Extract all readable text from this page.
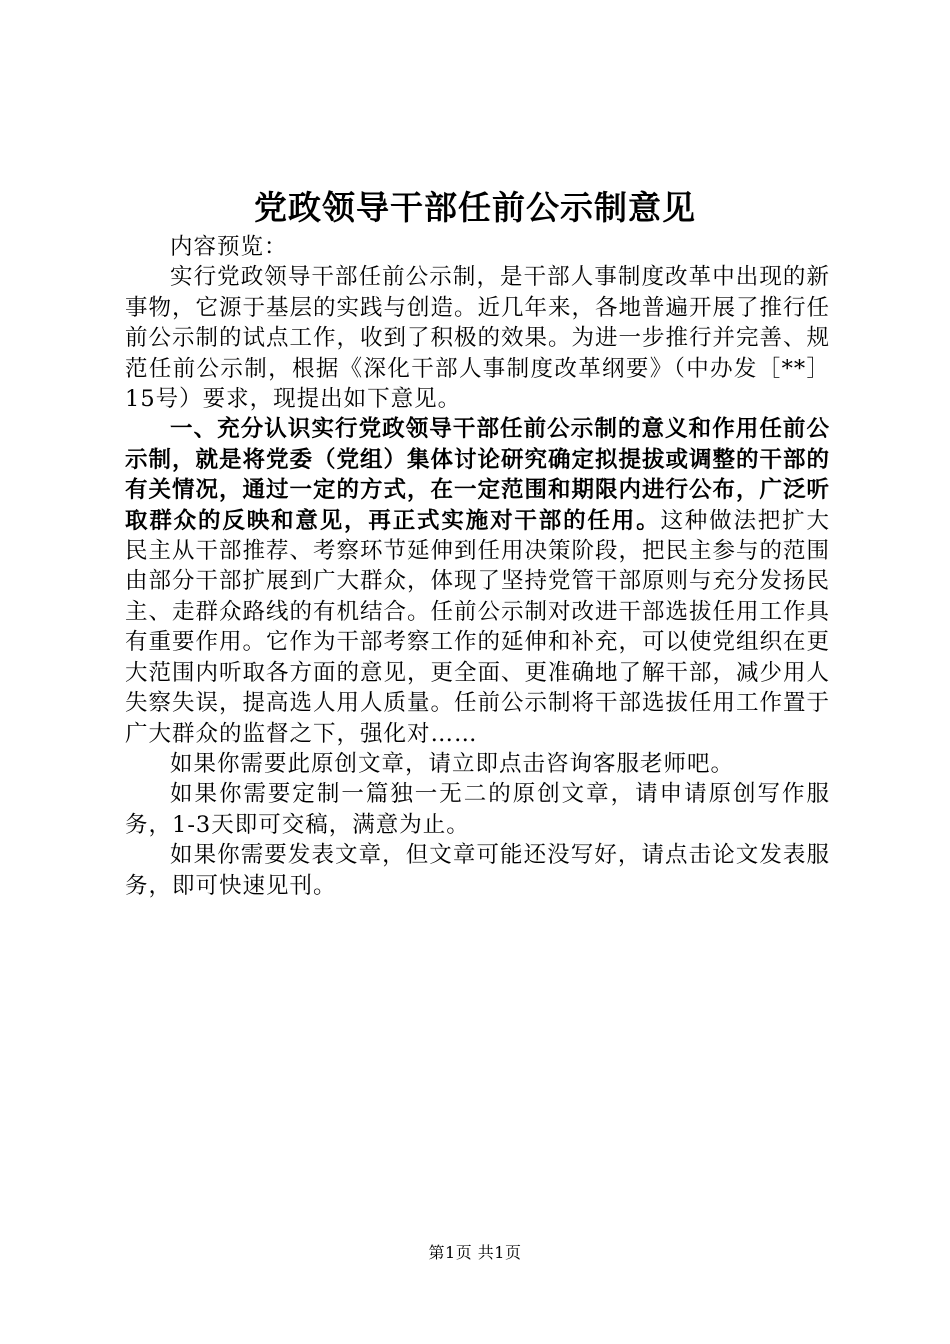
党政领导干部任前公示制意见

内容预览：

实行党政领导干部任前公示制，是干部人事制度改革中出现的新事物，它源于基层的实践与创造。近几年来，各地普遍开展了推行任前公示制的试点工作，收到了积极的效果。为进一步推行并完善、规范任前公示制，根据《深化干部人事制度改革纲要》（中办发［**］15号）要求，现提出如下意见。

一、充分认识实行党政领导干部任前公示制的意义和作用任前公示制，就是将党委（党组）集体讨论研究确定拟提拔或调整的干部的有关情况，通过一定的方式，在一定范围和期限内进行公布，广泛听取群众的反映和意见，再正式实施对干部的任用。这种做法把扩大民主从干部推荐、考察环节延伸到任用决策阶段，把民主参与的范围由部分干部扩展到广大群众，体现了坚持党管干部原则与充分发扬民主、走群众路线的有机结合。任前公示制对改进干部选拔任用工作具有重要作用。它作为干部考察工作的延伸和补充，可以使党组织在更大范围内听取各方面的意见，更全面、更准确地了解干部，减少用人失察失误，提高选人用人质量。任前公示制将干部选拔任用工作置于广大群众的监督之下，强化对……

如果你需要此原创文章，请立即点击咨询客服老师吧。

如果你需要定制一篇独一无二的原创文章，请申请原创写作服务，1-3天即可交稿，满意为止。

如果你需要发表文章，但文章可能还没写好，请点击论文发表服务，即可快速见刊。

第1页 共1页
